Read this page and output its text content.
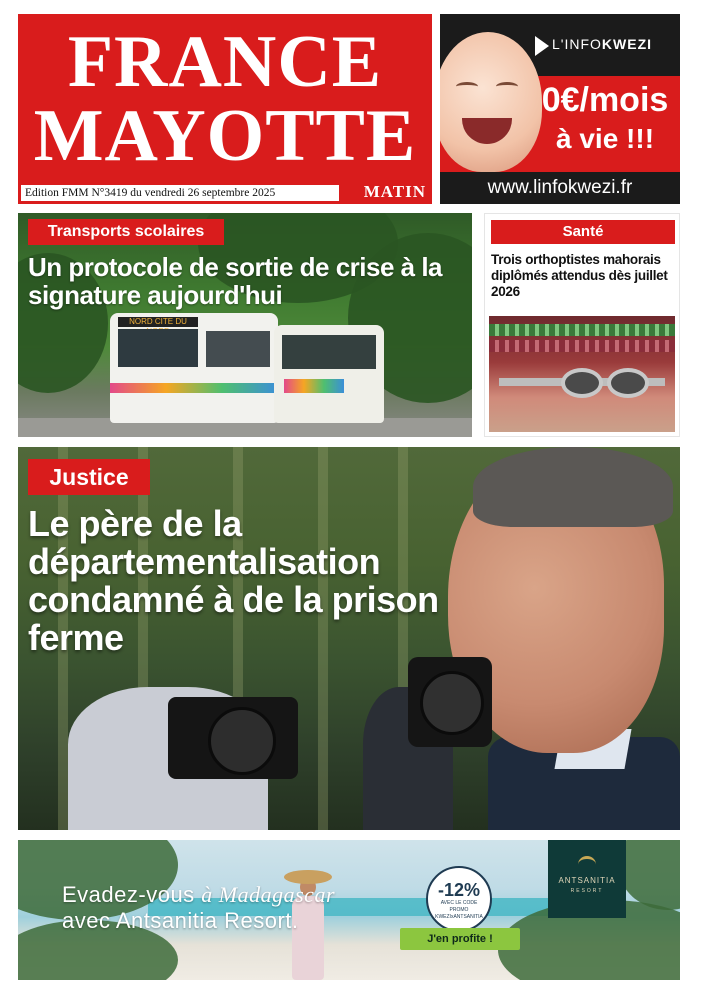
FRANCE
MAYOTTE
Edition FMM N°3419 du vendredi 26 septembre 2025	MATIN
L'INFOKWEZI
0€/mois
à vie !!!
www.linfokwezi.fr
NORD CITE DU
Transports scolaires
Un protocole de sortie de crise à la signature aujourd'hui
Santé
Trois orthoptistes mahorais diplômés attendus dès juillet 2026
Justice
Le père de la départementalisation condamné à de la prison ferme
Evadez-vous à Madagascar
avec Antsanitia Resort.
-12%
AVEC LE CODE PROMO KWEZIxANTSANITIA
J'en profite !
ANTSANITIA
RESORT
